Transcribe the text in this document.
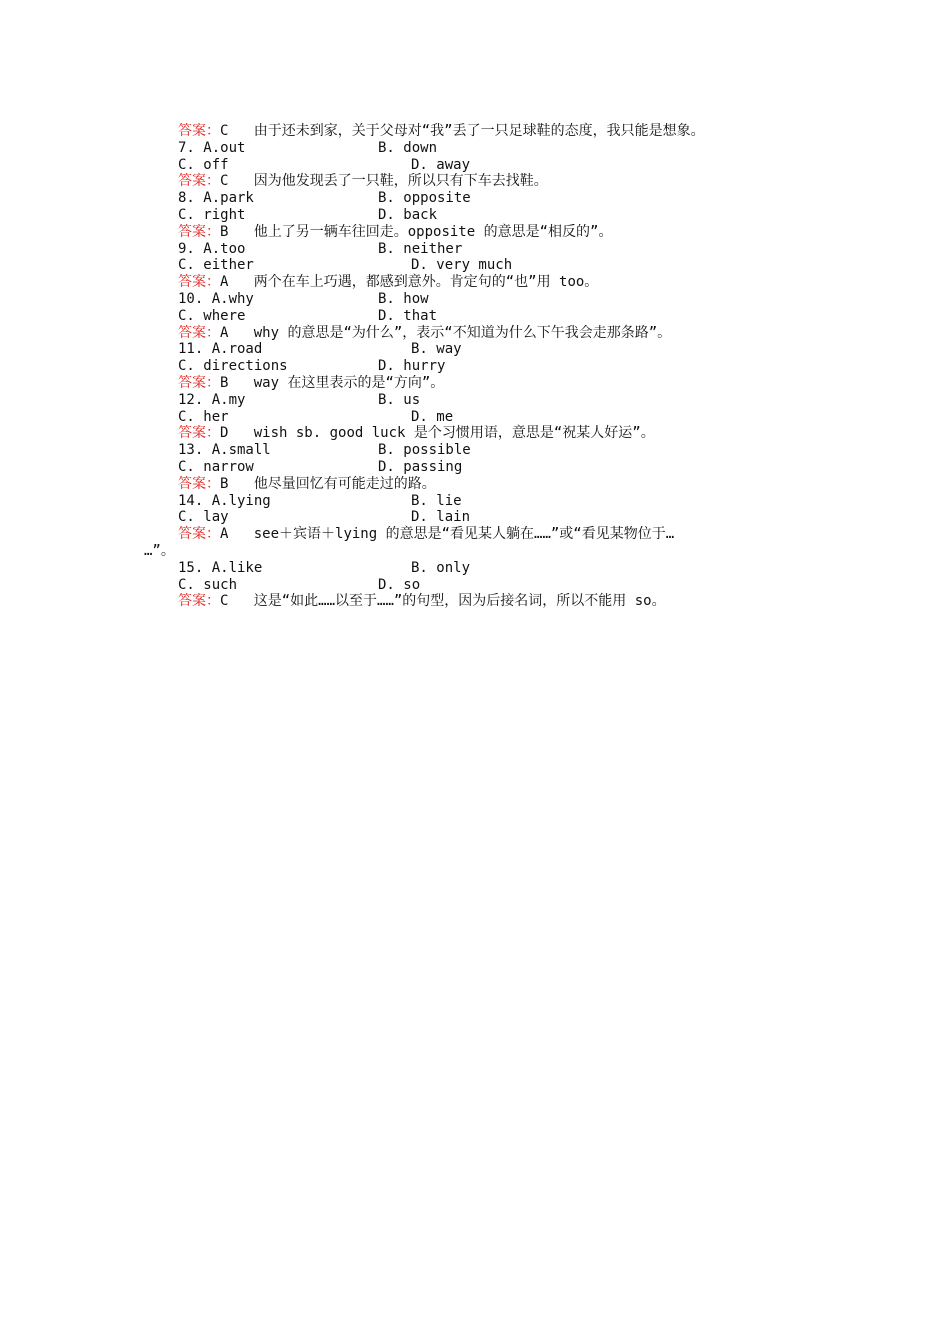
答案：C 由于还未到家，关于父母对“我”丢了一只足球鞋的态度，我只能是想象。
7. A.out	B. down
C. off	D. away
答案：C 因为他发现丢了一只鞋，所以只有下车去找鞋。
8. A.park	B. opposite
C. right	D. back
答案：B 他上了另一辆车往回走。opposite 的意思是“相反的”。
9. A.too	B. neither
C. either	D. very much
答案：A 两个在车上巧遇，都感到意外。肯定句的“也”用 too。
10. A.why	B. how
C. where	D. that
答案：A why 的意思是“为什么”，表示“不知道为什么下午我会走那条路”。
11. A.road	B. way
C. directions	D. hurry
答案：B way 在这里表示的是“方向”。
12. A.my	B. us
C. her	D. me
答案：D wish sb. good luck 是个习惯用语，意思是“祝某人好运”。
13. A.small	B. possible
C. narrow	D. passing
答案：B 他尽量回忆有可能走过的路。
14. A.lying	B. lie
C. lay	D. lain
答案：A see＋宾语＋lying 的意思是“看见某人躺在……”或“看见某物位于…
…”。
15. A.like	B. only
C. such	D. so
答案：C 这是“如此……以至于……”的句型，因为后接名词，所以不能用 so。
